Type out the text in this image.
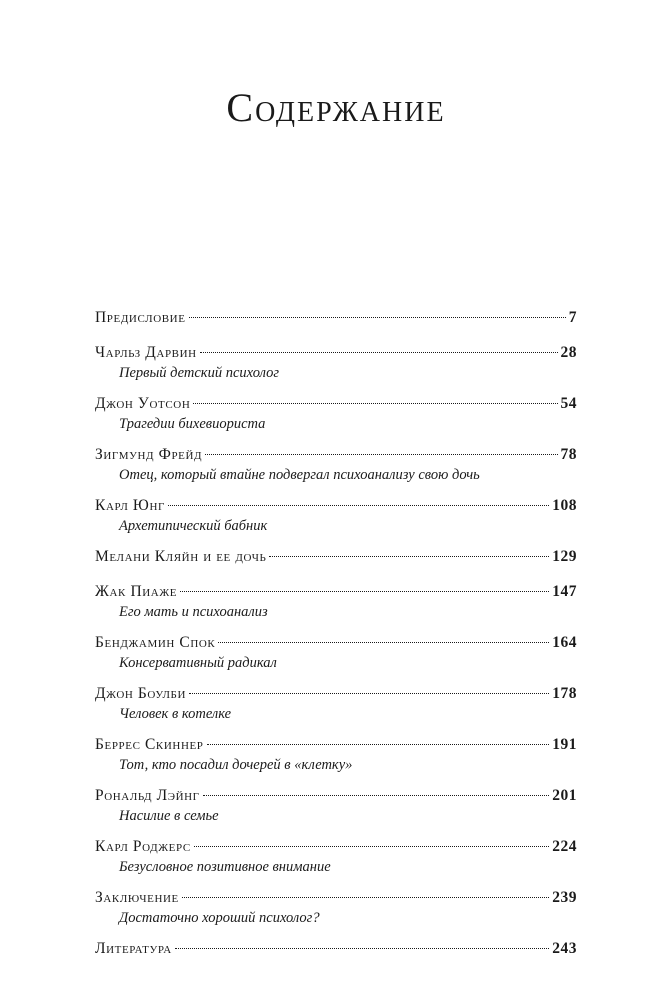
Содержание
Предисловие	7
Чарльз Дарвин	28
Первый детский психолог
Джон Уотсон	54
Трагедии бихевиориста
Зигмунд Фрейд	78
Отец, который втайне подвергал психоанализу свою дочь
Карл Юнг	108
Архетипический бабник
Мелани Кляйн и ее дочь	129
Жак Пиаже	147
Его мать и психоанализ
Бенджамин Спок	164
Консервативный радикал
Джон Боулби	178
Человек в котелке
Беррес Скиннер	191
Тот, кто посадил дочерей в «клетку»
Рональд Лэйнг	201
Насилие в семье
Карл Роджерс	224
Безусловное позитивное внимание
Заключение	239
Достаточно хороший психолог?
Литература	243
